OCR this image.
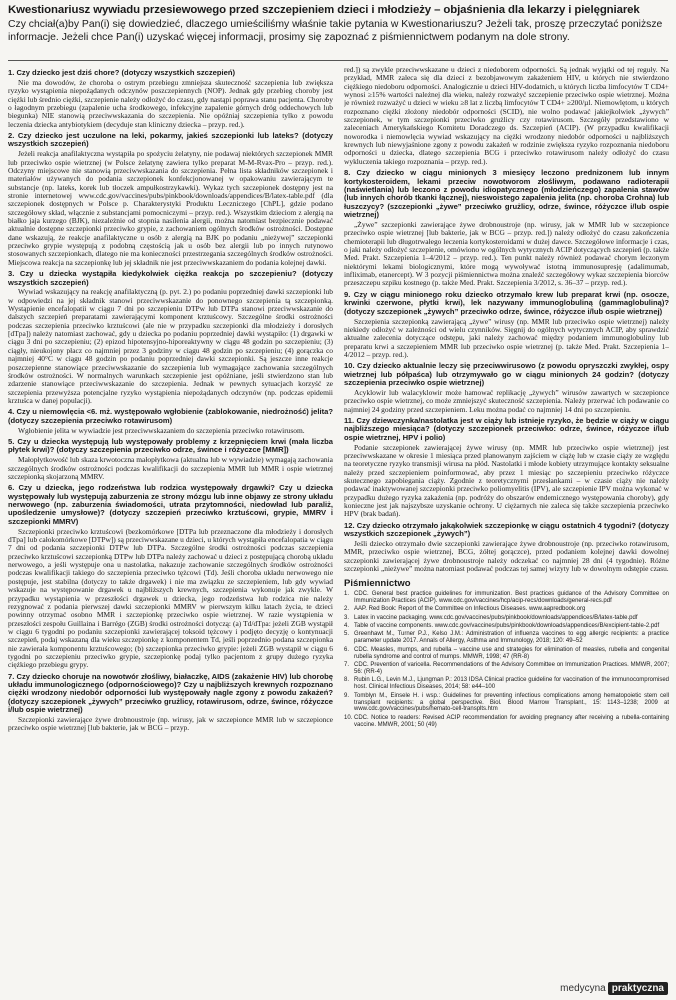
Kwestionariusz wywiadu przesiewowego przed szczepieniem dzieci i młodzieży – objaśnienia dla lekarzy i pielęgniarek
Czy chciał(a)by Pan(i) się dowiedzieć, dlaczego umieściliśmy właśnie takie pytania w Kwestionariuszu? Jeżeli tak, proszę przeczytać poniższe informacje. Jeżeli chce Pan(i) uzyskać więcej informacji, prosimy się zapoznać z piśmiennictwem podanym na dole strony.

1. Czy dziecko jest dziś chore? (dotyczy wszystkich szczepień)

Nie ma dowodów, że choroba o ostrym przebiegu zmniejsza skuteczność szczepienia lub zwiększa ryzyko wystąpienia niepożądanych odczynów poszczepiennych (NOP). Jednak gdy przebieg choroby jest ciężki lub średnio ciężki, szczepienie należy odłożyć do czasu, gdy nastąpi poprawa stanu pacjenta. Choroby o łagodnym przebiegu (zapalenie ucha środkowego, infekcyjne zapalenie górnych dróg oddechowych lub biegunka) NIE stanowią przeciwwskazania do szczepienia. Nie opóźniaj szczepienia tylko z powodu leczenia dziecka antybiotykiem (decyduje stan kliniczny dziecka – przyp. red.).

2. Czy dziecko jest uczulone na leki, pokarmy, jakieś szczepionki lub lateks? (dotyczy wszystkich szczepień)

Jeżeli reakcja anafilaktyczna wystąpiła po spożyciu żelatyny, nie podawaj niektórych szczepionek MMR lub przeciwko ospie wietrznej (w Polsce żelatynę zawiera tylko preparat M-M-Rvax-Pro – przyp. red.). Odczyny miejscowe nie stanowią przeciwwskazania do szczepienia. Pełna lista składników szczepionek i materiałów używanych do podania szczepionek konfekcjonowanej w opakowaniu zawierającym te substancje (np. lateks, korek lub tłoczek ampułkostrzykawki). Wykaz tych szczepionek dostępny jest na stronie internetowej www.cdc.gov/vaccines/pubs/pinkbook/downloads/appendices/B/latex-table.pdf (dla szczepionek dostępnych w Polsce p. Charakterystyki Produktu Leczniczego [ChPL], gdzie podano szczegółowy skład, włącznie z substancjami pomocniczymi – przyp. red.). Wszystkim dzieciom z alergią na białko jaja kurzego (BJK), niezależnie od stopnia nasilenia alergii, można natomiast bezpiecznie podawać aktualnie dostępne szczepionki przeciwko grypie, z zachowaniem ogólnych środków ostrożności. Dostępne dane wskazują, że reakcje anafilaktyczne u osób z alergią na BJK po podaniu „nieżywej” szczepionki przeciwko grypie występują z podobną częstością jak u osób bez alergii lub po innych rutynowo stosowanych szczepionkach, dlatego nie ma konieczności przestrzegania szczególnych środków ostrożności. Miejscowa reakcja na szczepionkę lub jej składnik nie jest przeciwwskazaniem do podania kolejnej dawki.

3. Czy u dziecka wystąpiła kiedykolwiek ciężka reakcja po szczepieniu? (dotyczy wszystkich szczepień)

Wywiad wskazujący na reakcję anafilaktyczną (p. pyt. 2.) po podaniu poprzedniej dawki szczepionki lub w odpowiedzi na jej składnik stanowi przeciwwskazanie do ponownego szczepienia tą szczepionką. Wystąpienie encefalopatii w ciągu 7 dni po szczepieniu DTPw lub DTPa stanowi przeciwwskazanie do dalszych szczepień preparatami zawierającymi komponent krztuścowy. Szczególne środki ostrożności podczas szczepienia przeciwko krztuścowi (ale nie w przypadku szczepionki dla młodzieży i dorosłych [dTpa]) należy natomiast zachować, gdy u dziecka po podaniu poprzedniej dawki wystąpiło: (1) drgawki w ciągu 3 dni po szczepieniu; (2) epizod hipotensyjno-hiporeaktywny w ciągu 48 godzin po szczepieniu; (3) ciągły, nieukojony płacz co najmniej przez 3 godziny w ciągu 48 godzin po szczepieniu; (4) gorączka co najmniej 40°C w ciągu 48 godzin po podaniu poprzedniej dawki szczepionki. Są jeszcze inne reakcje poszczepienne stanowiące przeciwwskazanie do szczepienia lub wymagające zachowania szczególnych środków ostrożności. W normalnych warunkach szczepienie jest opóźniane, jeśli stwierdzono stan lub zdarzenie stanowiące przeciwwskazanie do szczepienia. Jednak w pewnych sytuacjach korzyść ze szczepienia przewyższa potencjalne ryzyko wystąpienia niepożądanych odczynów (np. podczas epidemii krztuśca w danej populacji).

4. Czy u niemowlęcia <6. mż. występowało wgłobienie (zablokowanie, niedrożność) jelita? (dotyczy szczepienia przeciwko rotawirusom)

Wgłobienie jelita w wywiadzie jest przeciwwskazaniem do szczepienia przeciwko rotawirusom.

5. Czy u dziecka występują lub występowały problemy z krzepnięciem krwi (mała liczba płytek krwi)? (dotyczy szczepienia przeciwko odrze, śwince i różyczce [MMR])

Małopłytkowość lub skaza krwotoczna małopłytkowa (aktualna lub w wywiadzie) wymagają zachowania szczególnych środków ostrożności podczas kwalifikacji do szczepienia MMR lub MMR i ospie wietrznej szczepionką skojarzoną MMRV.

6. Czy u dziecka, jego rodzeństwa lub rodzica występowały drgawki? Czy u dziecka występowały lub występują zaburzenia ze strony mózgu lub inne objawy ze strony układu nerwowego (np. zaburzenia świadomości, utrata przytomności, niedowład lub paraliż, upośledzenie umysłowe)? (dotyczy szczepień przeciwko krztuścowi, grypie, MMRV i szczepionki MMRV)

Szczepionki przeciwko krztuścowi (bezkomórkowe [DTPa lub przeznaczone dla młodzieży i dorosłych dTpa] lub całokomórkowe [DTPw]) są przeciwwskazane u dzieci, u których wystąpiła encefalopatia w ciągu 7 dni od podania szczepionki DTPw lub DTPa. Szczególne środki ostrożności podczas szczepienia przeciwko krztuścowi szczepionką DTPw lub DTPa należy zachować u dzieci z postępującą chorobą układu nerwowego, a jeśli występuje ona u nastolatka, nakazuje zachowanie szczególnych środków ostrożności podczas kwalifikacji takiego do szczepienia przeciwko tężcowi (Td). Jeśli choroba układu nerwowego nie postępuje, jest stabilna (dotyczy to także drgawek) i nie ma związku ze szczepieniem, lub gdy wywiad wskazuje na występowanie drgawek u najbliższych krewnych, szczepienia wykonuje jak zwykle. W przypadku wystąpienia w przeszłości drgawek u dziecka, jego rodzeństwa lub rodzica nie należy rezygnować z podania pierwszej dawki szczepionki MMRV w pierwszym kilku latach życia, te dzieci powinny otrzymać osobno MMR i szczepionkę przeciwko ospie wietrznej. W razie wystąpienia w przeszłości zespołu Guillaina i Barrégo (ZGB) środki ostrożności dotyczą: (a) Td/dTpa: jeżeli ZGB wystąpił w ciągu 6 tygodni po podaniu szczepionki zawierającej toksoid tężcowy i podjęto decyzję o kontynuacji szczepień, podaj wskazaną dla wieku szczepionkę z komponentem Td, jeśli poprzednio podana szczepionka nie zawierała komponentu krztuścowego; (b) szczepionka przeciwko grypie: jeżeli ZGB wystąpił w ciągu 6 tygodni po szczepieniu przeciwko grypie, szczepionkę podaj tylko pacjentom z grupy dużego ryzyka ciężkiego przebiegu grypy.

7. Czy dziecko choruje na nowotwór złośliwy, białaczkę, AIDS (zakażenie HIV) lub chorobę układu immunologicznego (odpornościowego)? Czy u najbliższych krewnych rozpoznano ciężki wrodzony niedobór odporności lub występowały nagle zgony z powodu zakażeń? (dotyczy szczepionek „żywych” przeciwko grużlicy, rotawirusom, odrze, śwince, różyczce i/lub ospie wietrznej)

Szczepionki zawierające żywe drobnoustroje (np. wirusy, jak w szczepionce MMR lub w szczepionce przeciwko ospie wietrznej [lub bakterie, jak w BCG – przyp.

red.]) są zwykle przeciwwskazane u dzieci z niedoborem odporności. Są jednak wyjątki od tej reguły. Na przykład, MMR zaleca się dla dzieci z bezobjawowym zakażeniem HIV, u których nie stwierdzono ciężkiego niedoboru odporności. Analogicznie u dzieci HIV-dodatnich, u których liczba limfocytów T CD4+ wynosi ≥15% wartości należnej dla wieku, należy rozważyć szczepienie przeciwko ospie wietrznej. Można je również rozważyć u dzieci w wieku ≥8 lat z liczbą limfocytów T CD4+ ≥200/µl. Niemowlętom, u których rozpoznano ciężki złożony niedobór odporności (SCID), nie wolno podawać jakiejkolwiek „żywych” szczepionek, w tym szczepionki przeciwko grużlicy czy rotawirusom. Szczegóły przedstawiono w zaleceniach Amerykańskiego Komitetu Doradczego ds. Szczepień (ACIP). (W przypadku kwalifikacji noworodka i niemowlęcia wywiad wskazujący na ciężki wrodzony niedobór odporności u najbliższych krewnych lub niewyjaśnione zgony z powodu zakażeń w rodzinie zwiększa ryzyko rozpoznania niedoboru odporności u dziecka, dlatego szczepienia BCG i przeciwko rotawirusom należy odłożyć do czasu wykluczenia takiego rozpoznania – przyp. red.).

8. Czy dziecko w ciągu minionych 3 miesięcy leczono prednizonem lub innym kortykosteroidem, lekami przeciw nowotworom złośliwym, podawano radioterapii (naświetlania) lub leczono z powodu idiopatycznego (młodzieńczego) zapalenia stawów (lub innych chorób tkanki łącznej), nieswoistego zapalenia jelita (np. choroba Crohna) lub łuszczycy? (szczepionki „żywe” przeciwko grużlicy, odrze, śwince, różyczce i/lub ospie wietrznej)

„Żywe” szczepionki zawierające żywe drobnoustroje (np. wirusy, jak w MMR lub w szczepionce przeciwko ospie wietrznej [lub bakterie, jak w BCG – przyp. red.]) należy odłożyć do czasu zakończenia chemioterapii lub długotrwałego leczenia kortykosteroidami w dużej dawce. Szczegółowe informacje i czas, o jaki należy odłożyć szczepienie, omówiono w ogólnych wytycznych ACIP dotyczących szczepień (p. także Med. Prakt. Szczepienia 1–4/2012 – przyp. red.). Ten punkt należy również podawać chorym leczonym niektórymi lekami biologicznymi, które mogą wywoływać istotną immunosupresję (adalimumab, infliximab, etanercept). W 3 pozycji piśmiennictwa można znaleźć szczegółowy wykaz szczepienia biorców przeszczepu szpiku kostnego (p. także Med. Prakt. Szczepienia 3/2012, s. 36–37 – przyp. red.).

9. Czy w ciągu minionego roku dziecko otrzymało krew lub preparat krwi (np. osocze, krwinki czerwone, płytki krwi), lek nazywany immunoglobuliną (gammaglobuliną)? (dotyczy szczepionek „żywych” przeciwko odrze, śwince, różyczce i/lub ospie wietrznej)

Szczepienia szczepionką zawierającą „żywe” wirusy (np. MMR lub przeciwko ospie wietrznej) należy niekiedy odłożyć w zależności od wielu czynników. Sięgnij do ogólnych wytycznych ACIP, aby sprawdzić aktualne zalecenia dotyczące odstępu, jaki należy zachować między podaniem immunoglobuliny lub preparatu krwi a szczepieniem MMR lub przeciwko ospie wietrznej (p. także Med. Prakt. Szczepienia 1–4/2012 – przyp. red.).

10. Czy dziecko aktualnie leczy się przeciwwirusowo (z powodu opryszczki zwykłej, ospy wietrznej lub półpaśca) lub otrzymywało go w ciągu minionych 24 godzin? (dotyczy szczepienia przeciwko ospie wietrznej)

Acyklowir lub walacyklowir może hamować replikację „żywych” wirusów zawartych w szczepionce przeciwko ospie wietrznej, co może zmniejszyć skuteczność szczepienia. Należy przerwać ich podawanie co najmniej 24 godziny przed szczepieniem. Leku można podać co najmniej 14 dni po szczepieniu.

11. Czy dziewczynka/nastolatka jest w ciąży lub istnieje ryzyko, że będzie w ciąży w ciągu najbliższego miesiąca? (dotyczy szczepionek przeciwko: odrze, śwince, różyczce i/lub ospie wietrznej, HPV i polio)

Podanie szczepionek zawierającej żywe wirusy (np. MMR lub przeciwko ospie wietrznej) jest przeciwwskazane w okresie 1 miesiąca przed planowanym zajściem w ciążę lub w czasie ciąży ze względu na teoretyczne ryzyko transmisji wirusa na płód. Nastolatki i młode kobiety utrzymujące kontakty seksualne należy przed szczepieniem poinformować, aby przez 1 miesiąc po szczepieniu przeciwko różyczce skutecznego zapobiegania ciąży. Zgodnie z teoretycznymi przesłankami – w czasie ciąży nie należy podawać inaktywowanej szczepionki przeciwko poliomyelitis (IPV), ale szczepienie IPV można wykonać w przypadku dużego ryzyka zakażenia (np. podróży do obszarów endemicznego występowania choroby), gdy konieczne jest jak najszybsze uzyskanie ochrony. U ciężarnych nie zaleca się także szczepienia przeciwko HPV (brak badań).

12. Czy dziecko otrzymało jakąkolwiek szczepionkę w ciągu ostatnich 4 tygodni? (dotyczy wszystkich szczepionek „żywych”)

Jeśli dziecko otrzymało dwie szczepionki zawierające żywe drobnoustroje (np. przeciwko rotawirusom, MMR, przeciwko ospie wietrznej, BCG, żółtej gorączce), przed podaniem kolejnej dawki dowolnej szczepionki zawierającej żywe drobnoustroje należy odczekać co najmniej 28 dni (4 tygodnie). Różne szczepionki „nieżywe” można natomiast podawać podczas tej samej wizyty lub w dowolnym odstępie czasu.

Piśmiennictwo
1. CDC. General best practice guidelines for immunization. Best practices guidance of the Advisory Committee on Immunization Practices (ACIP). www.cdc.gov/vaccines/hcp/acip-recs/downloads/general-recs.pdf
2. AAP. Red Book: Report of the Committee on Infectious Diseases. www.aapredbook.org
3. Latex in vaccine packaging. www.cdc.gov/vaccines/pubs/pinkbook/downloads/appendices/B/latex-table.pdf
4. Table of vaccine components. www.cdc.gov/vaccines/pubs/pinkbook/downloads/appendices/B/excipient-table-2.pdf
5. Greenhawt M., Turner P.J., Kelso J.M.: Administration of influenza vaccines to egg allergic recipients: a practice parameter update 2017. Annals of Allergy, Asthma and Immunology, 2018; 120: 49–52
6. CDC. Measles, mumps, and rubella – vaccine use and strategies for elimination of measles, rubella and congenital rubella syndrome and control of mumps. MMWR, 1998; 47 (RR-8)
7. CDC. Prevention of varicella. Recommendations of the Advisory Committee on Immunization Practices. MMWR, 2007; 56: (RR-4)
8. Rubin L.G., Levin M.J., Ljungman P.: 2013 IDSA Clinical practice guideline for vaccination of the immunocompromised host. Clinical Infectious Diseases, 2014; 58: e44–100
9. Tomblyn M., Einsele H. i wsp.: Guidelines for preventing infectious complications among hematopoietic stem cell transplant recipients: a global perspective. Biol. Blood Marrow Transplant., 15: 1143–1238; 2009 at www.cdc.gov/vaccines/pubs/hemato-cell-transplts.htm
10. CDC. Notice to readers: Revised ACIP recommendation for avoiding pregnancy after receiving a rubella-containing vaccine. MMWR, 2001; 50 (49)
medycyna praktyczna
